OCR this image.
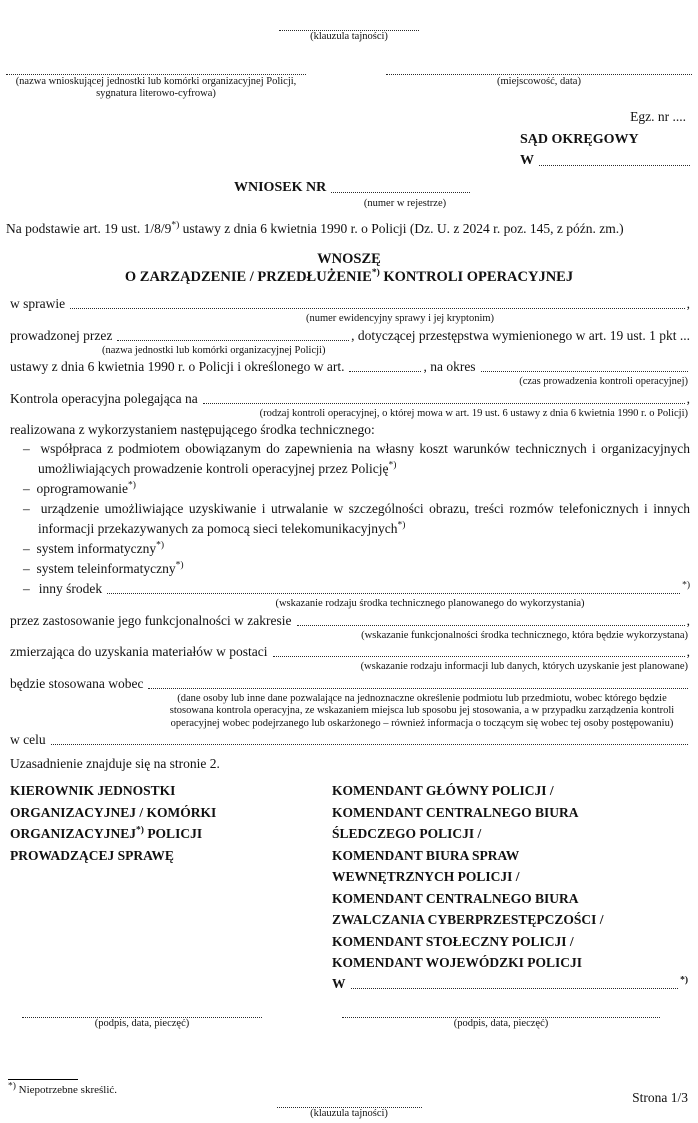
(klauzula tajności)
(nazwa wnioskującej jednostki lub komórki organizacyjnej Policji, sygnatura literowo-cyfrowa)
(miejscowość, data)
Egz. nr ....
SĄD OKRĘGOWY
W
WNIOSEK NR
(numer w rejestrze)
Na podstawie art. 19 ust. 1/8/9*) ustawy z dnia 6 kwietnia 1990 r. o Policji (Dz. U. z 2024 r. poz. 145, z późn. zm.)
WNOSZĘ
O ZARZĄDZENIE / PRZEDŁUŻENIE*) KONTROLI OPERACYJNEJ
w sprawie	,
(numer ewidencyjny sprawy i jej kryptonim)
prowadzonej przez	, dotyczącej przestępstwa wymienionego w art. 19 ust. 1 pkt ...
(nazwa jednostki lub komórki organizacyjnej Policji)
ustawy z dnia 6 kwietnia 1990 r. o Policji i określonego w art.	, na okres
(czas prowadzenia kontroli operacyjnej)
Kontrola operacyjna polegająca na	,
(rodzaj kontroli operacyjnej, o której mowa w art. 19 ust. 6 ustawy z dnia 6 kwietnia 1990 r. o Policji)
realizowana z wykorzystaniem następującego środka technicznego:
–  współpraca z podmiotem obowiązanym do zapewnienia na własny koszt warunków technicznych i organizacyjnych umożliwiających prowadzenie kontroli operacyjnej przez Policję*)
–  oprogramowanie*)
–  urządzenie umożliwiające uzyskiwanie i utrwalanie w szczególności obrazu, treści rozmów telefonicznych i innych informacji przekazywanych za pomocą sieci telekomunikacyjnych*)
–  system informatyczny*)
–  system teleinformatyczny*)
–
inny środek	*)
(wskazanie rodzaju środka technicznego planowanego do wykorzystania)
przez zastosowanie jego funkcjonalności w zakresie	,
(wskazanie funkcjonalności środka technicznego, która będzie wykorzystana)
zmierzająca do uzyskania materiałów w postaci	,
(wskazanie rodzaju informacji lub danych, których uzyskanie jest planowane)
będzie stosowana wobec
(dane osoby lub inne dane pozwalające na jednoznaczne określenie podmiotu lub przedmiotu, wobec którego będzie stosowana kontrola operacyjna, ze wskazaniem miejsca lub sposobu jej stosowania, a w przypadku zarządzenia kontroli operacyjnej wobec podejrzanego lub oskarżonego – również informacja o toczącym się wobec tej osoby postępowaniu)
w celu
Uzasadnienie znajduje się na stronie 2.
KIEROWNIK JEDNOSTKI
ORGANIZACYJNEJ / KOMÓRKI
ORGANIZACYJNEJ*) POLICJI
PROWADZĄCEJ SPRAWĘ
KOMENDANT GŁÓWNY POLICJI /
KOMENDANT CENTRALNEGO BIURA
ŚLEDCZEGO POLICJI /
KOMENDANT BIURA SPRAW
WEWNĘTRZNYCH POLICJI /
KOMENDANT CENTRALNEGO BIURA
ZWALCZANIA CYBERPRZESTĘPCZOŚCI /
KOMENDANT STOŁECZNY POLICJI /
KOMENDANT WOJEWÓDZKI POLICJI
W	*)
(podpis, data, pieczęć)	(podpis, data, pieczęć)
*) Niepotrzebne skreślić.
(klauzula tajności)
Strona 1/3
